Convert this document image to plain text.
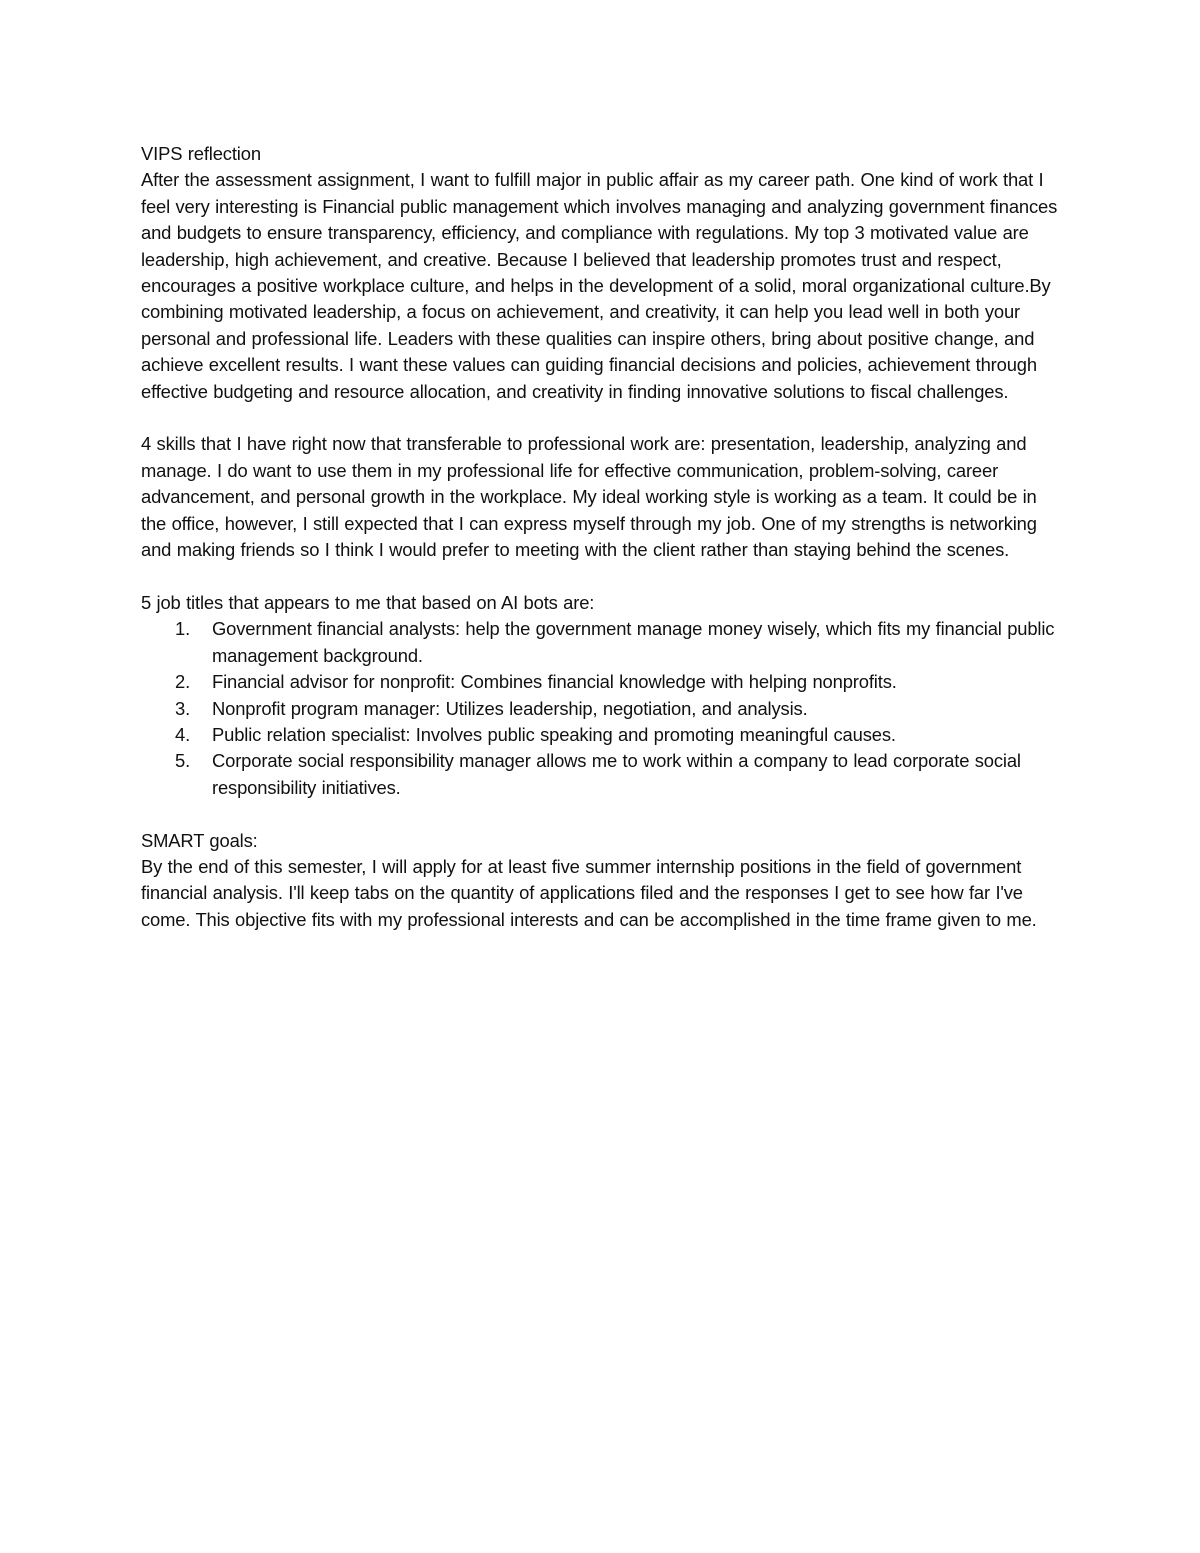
VIPS reflection

After the assessment assignment, I want to fulfill major in public affair as my career path. One kind of work that I feel very interesting is Financial public management which involves managing and analyzing government finances and budgets to ensure transparency, efficiency, and compliance with regulations. My top 3 motivated value are leadership, high achievement, and creative. Because I believed that leadership promotes trust and respect, encourages a positive workplace culture, and helps in the development of a solid, moral organizational culture.By combining motivated leadership, a focus on achievement, and creativity, it can help you lead well in both your personal and professional life. Leaders with these qualities can inspire others, bring about positive change, and achieve excellent results. I want these values can guiding financial decisions and policies, achievement through effective budgeting and resource allocation, and creativity in finding innovative solutions to fiscal challenges.

4 skills that I have right now that transferable to professional work are: presentation, leadership, analyzing and manage. I do want to use them in my professional life for effective communication, problem-solving, career advancement, and personal growth in the workplace. My ideal working style is working as a team. It could be in the office, however, I still expected that I can express myself through my job. One of my strengths is networking and making friends so I think I would prefer to meeting with the client rather than staying behind the scenes.

5 job titles that appears to me that based on AI bots are:

1. Government financial analysts: help the government manage money wisely, which fits my financial public management background.
2. Financial advisor for nonprofit: Combines financial knowledge with helping nonprofits.
3. Nonprofit program manager: Utilizes leadership, negotiation, and analysis.
4. Public relation specialist: Involves public speaking and promoting meaningful causes.
5. Corporate social responsibility manager allows me to work within a company to lead corporate social responsibility initiatives.

SMART goals:

By the end of this semester, I will apply for at least five summer internship positions in the field of government financial analysis. I'll keep tabs on the quantity of applications filed and the responses I get to see how far I've come. This objective fits with my professional interests and can be accomplished in the time frame given to me.
